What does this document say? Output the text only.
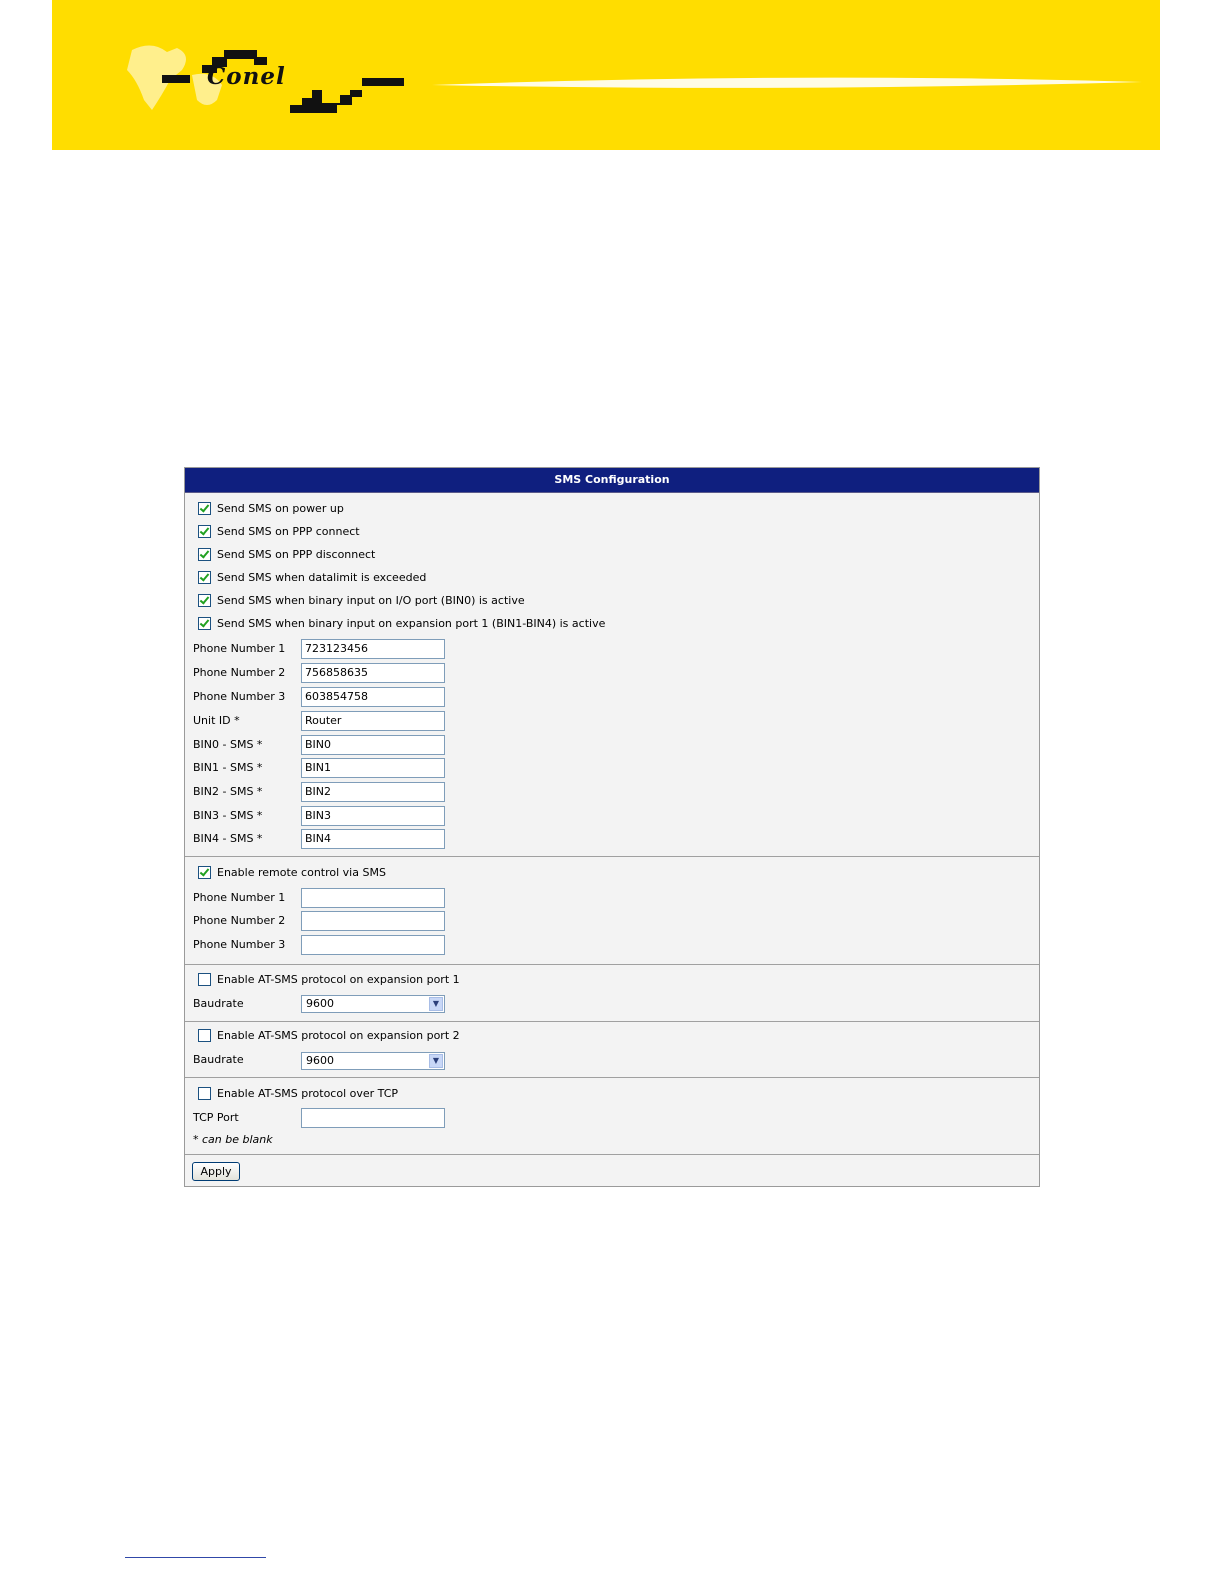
Conel
SMS Configuration
Send SMS on power up
Send SMS on PPP connect
Send SMS on PPP disconnect
Send SMS when datalimit is exceeded
Send SMS when binary input on I/O port (BIN0) is active
Send SMS when binary input on expansion port 1 (BIN1-BIN4) is active
Phone Number 1	723123456
Phone Number 2	756858635
Phone Number 3	603854758
Unit ID *	Router
BIN0 - SMS *	BIN0
BIN1 - SMS *	BIN1
BIN2 - SMS *	BIN2
BIN3 - SMS *	BIN3
BIN4 - SMS *	BIN4
Enable remote control via SMS
Phone Number 1
Phone Number 2
Phone Number 3
Enable AT-SMS protocol on expansion port 1
Baudrate	9600	▼
Enable AT-SMS protocol on expansion port 2
Baudrate	9600	▼
Enable AT-SMS protocol over TCP
TCP Port
* can be blank
Apply
